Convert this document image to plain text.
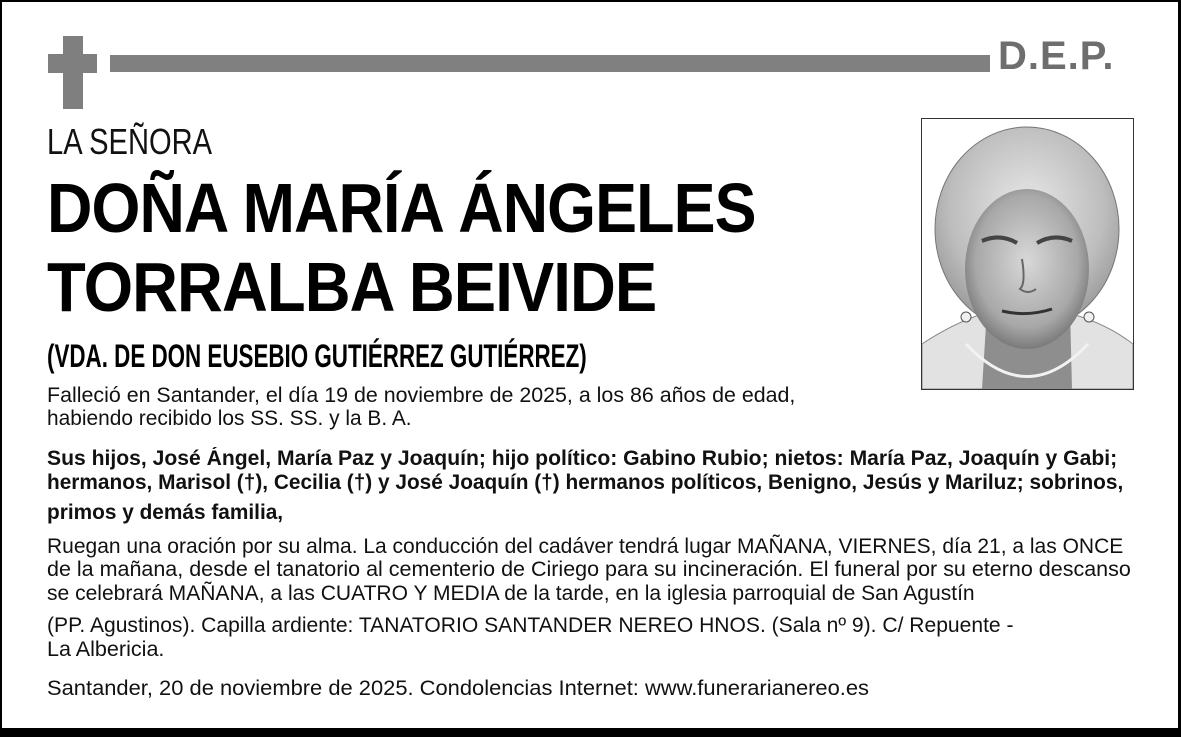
D.E.P.
LA SEÑORA
DOÑA MARÍA ÁNGELES
TORRALBA BEIVIDE
(VDA. DE DON EUSEBIO GUTIÉRREZ GUTIÉRREZ)
Falleció en Santander, el día 19 de noviembre de 2025, a los 86 años de edad,
habiendo recibido los SS. SS. y la B. A.
Sus hijos, José Ángel, María Paz y Joaquín; hijo político: Gabino Rubio; nietos: María Paz, Joaquín y Gabi;
hermanos, Marisol (†), Cecilia (†) y José Joaquín (†) hermanos políticos, Benigno, Jesús y Mariluz; sobrinos,
primos y demás familia,
Ruegan una oración por su alma. La conducción del cadáver tendrá lugar MAÑANA, VIERNES, día 21, a las ONCE
de la mañana, desde el tanatorio al cementerio de Ciriego para su incineración. El funeral por su eterno descanso
se celebrará MAÑANA, a las CUATRO Y MEDIA de la tarde, en la iglesia parroquial de San Agustín
(PP. Agustinos). Capilla ardiente: TANATORIO SANTANDER NEREO HNOS. (Sala nº 9). C/ Repuente -
La Albericia.
Santander, 20 de noviembre de 2025. Condolencias Internet: www.funerarianereo.es
